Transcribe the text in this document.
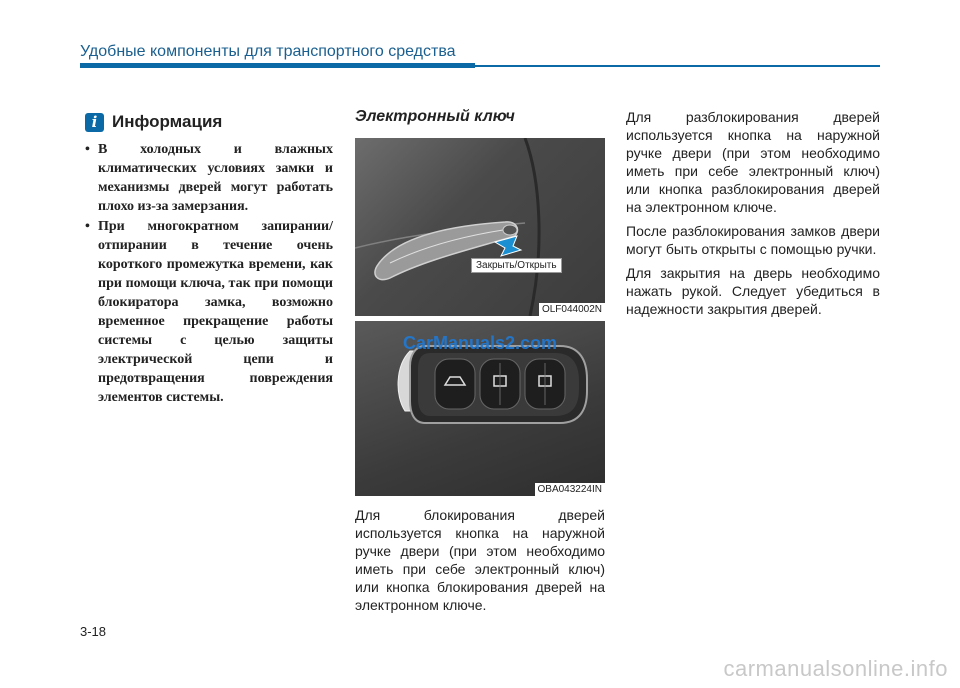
Удобные компоненты для транспортного средства
i Информация
• В холодных и влажных климатических условиях замки и механизмы дверей могут работать плохо из-за замерзания.
• При многократном запирании/отпирании в течение очень короткого промежутка времени, как при помощи ключа, так при помощи блокиратора замка, возможно временное прекращение работы системы с целью защиты электрической цепи и предотвращения повреждения элементов системы.
Электронный ключ
Закрыть/Открыть
OLF044002N
CarManuals2.com
OBA043224IN

Для блокирования дверей используется кнопка на наружной ручке двери (при этом необходимо иметь при себе электронный ключ) или кнопка блокирования дверей на электронном ключе.

Для разблокирования дверей используется кнопка на наружной ручке двери (при этом необходимо иметь при себе электронный ключ) или кнопка разблокирования дверей на электронном ключе.

После разблокирования замков двери могут быть открыты с помощью ручки.

Для закрытия на дверь необходимо нажать рукой. Следует убедиться в надежности закрытия дверей.

3-18
carmanualsonline.info
